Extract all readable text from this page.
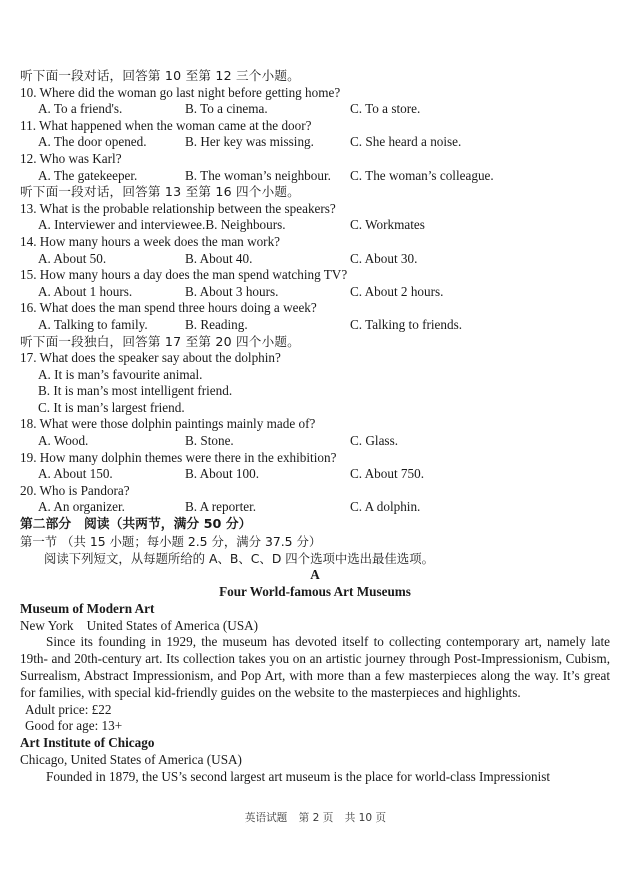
听下面一段对话，回答第 10 至第 12 三个小题。
10. Where did the woman go last night before getting home?
A. To a friend's.	B. To a cinema.	C. To a store.
11. What happened when the woman came at the door?
A. The door opened.	B. Her key was missing.	C. She heard a noise.
12. Who was Karl?
A. The gatekeeper.	B. The woman’s neighbour. C. The woman’s colleague.
听下面一段对话，回答第 13 至第 16 四个小题。
13. What is the probable relationship between the speakers?
A. Interviewer and interviewee.B. Neighbours.	C. Workmates
14. How many hours a week does the man work?
A. About 50.	B. About 40.	C. About 30.
15. How many hours a day does the man spend watching TV?
A. About 1 hours.	B. About 3 hours.	C. About 2 hours.
16. What does the man spend three hours doing a week?
A. Talking to family.	B. Reading.	C. Talking to friends.
听下面一段独白，回答第 17 至第 20 四个小题。
17. What does the speaker say about the dolphin?
A. It is man’s favourite animal.
B. It is man’s most intelligent friend.
C. It is man’s largest friend.
18. What were those dolphin paintings mainly made of?
A. Wood.	B. Stone.	C. Glass.
19. How many dolphin themes were there in the exhibition?
A. About 150.	B. About 100.	C. About 750.
20. Who is Pandora?
A. An organizer.	B. A reporter.	C. A dolphin.
第二部分　阅读（共两节，满分 50 分）
第一节 （共 15 小题；每小题 2.5 分，满分 37.5 分）
阅读下列短文，从每题所给的 A、B、C、D 四个选项中选出最佳选项。
A
Four World-famous Art Museums
Museum of Modern Art
New York　United States of America (USA)
Since its founding in 1929, the museum has devoted itself to collecting contemporary art, namely late 19th- and 20th-century art. Its collection takes you on an artistic journey through Post-Impressionism, Cubism, Surrealism, Abstract Impressionism, and Pop Art, with more than a few masterpieces along the way. It’s great for families, with special kid-friendly guides on the website to the masterpieces and highlights.
Adult price: £22
Good for age: 13+
Art Institute of Chicago
Chicago, United States of America (USA)
Founded in 1879, the US’s second largest art museum is the place for world-class Impressionist
英语试题 第 2 页 共 10 页
